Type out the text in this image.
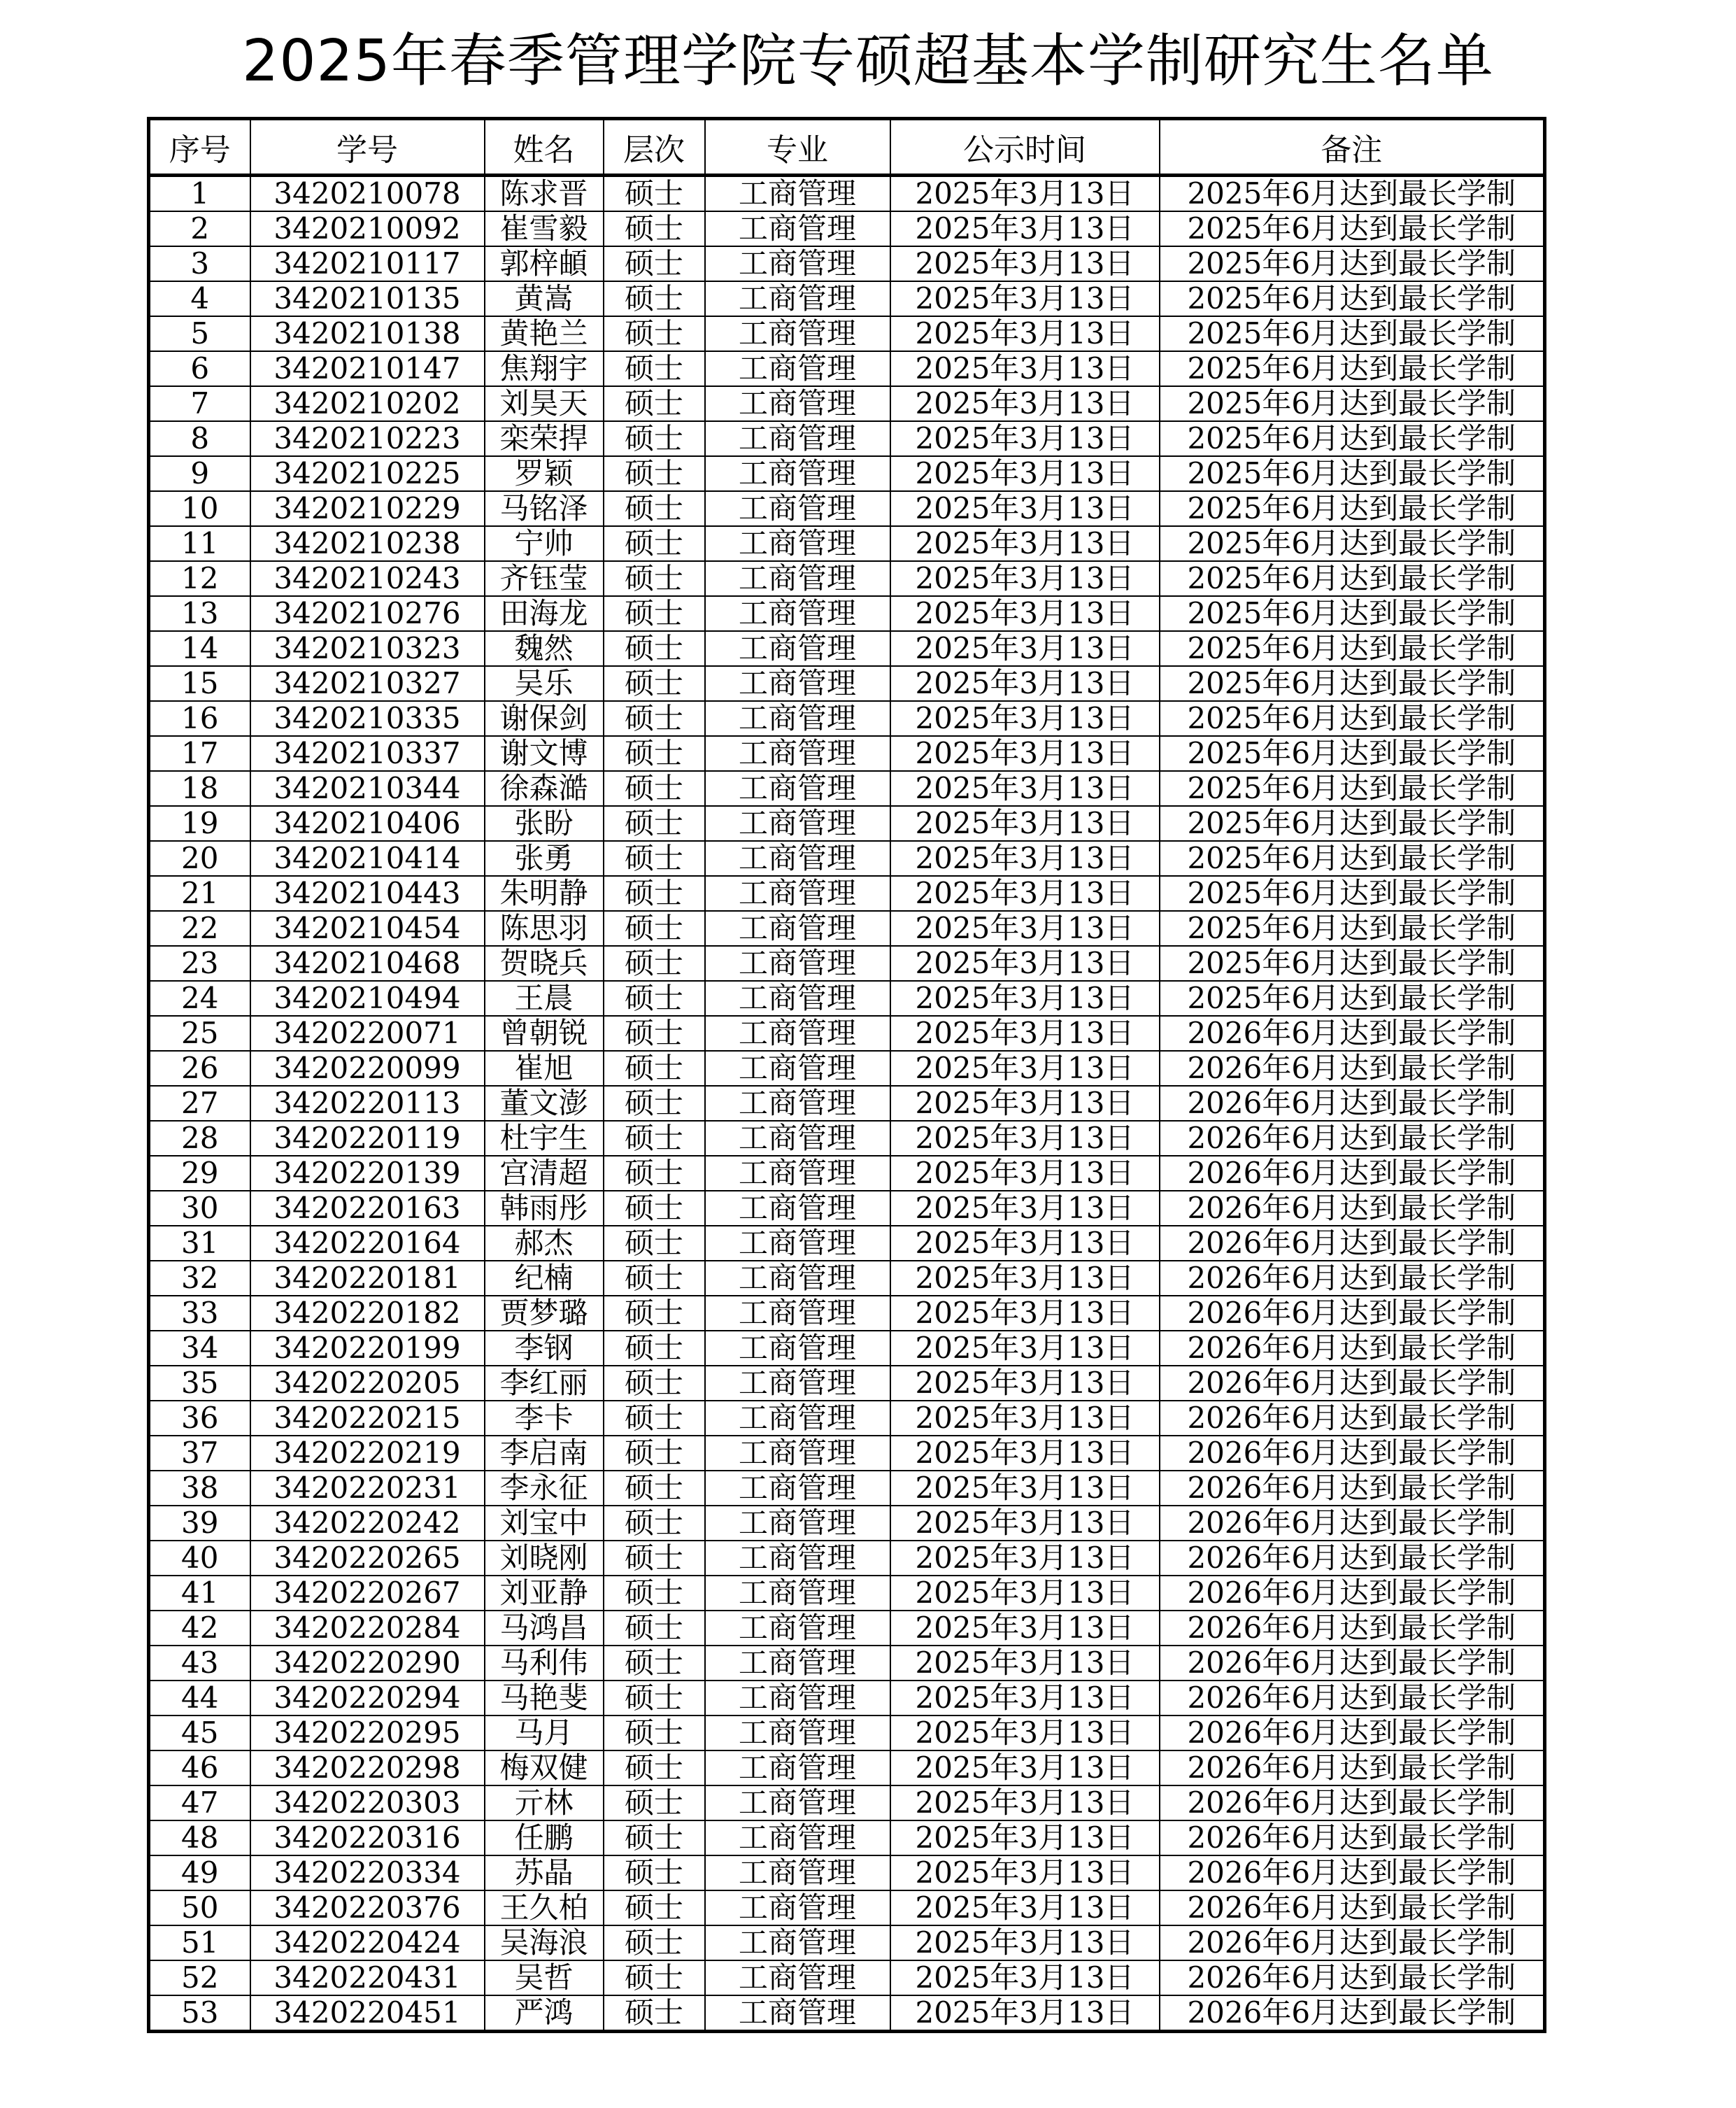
2025年春季管理学院专硕超基本学制研究生名单
序号	学号	姓名	层次	专业	公示时间	备注
1	3420210078	陈求晋	硕士	工商管理	2025年3月13日	2025年6月达到最长学制
2	3420210092	崔雪毅	硕士	工商管理	2025年3月13日	2025年6月达到最长学制
3	3420210117	郭梓頔	硕士	工商管理	2025年3月13日	2025年6月达到最长学制
4	3420210135	黄嵩	硕士	工商管理	2025年3月13日	2025年6月达到最长学制
5	3420210138	黄艳兰	硕士	工商管理	2025年3月13日	2025年6月达到最长学制
6	3420210147	焦翔宇	硕士	工商管理	2025年3月13日	2025年6月达到最长学制
7	3420210202	刘昊天	硕士	工商管理	2025年3月13日	2025年6月达到最长学制
8	3420210223	栾荣捍	硕士	工商管理	2025年3月13日	2025年6月达到最长学制
9	3420210225	罗颖	硕士	工商管理	2025年3月13日	2025年6月达到最长学制
10	3420210229	马铭泽	硕士	工商管理	2025年3月13日	2025年6月达到最长学制
11	3420210238	宁帅	硕士	工商管理	2025年3月13日	2025年6月达到最长学制
12	3420210243	齐钰莹	硕士	工商管理	2025年3月13日	2025年6月达到最长学制
13	3420210276	田海龙	硕士	工商管理	2025年3月13日	2025年6月达到最长学制
14	3420210323	魏然	硕士	工商管理	2025年3月13日	2025年6月达到最长学制
15	3420210327	吴乐	硕士	工商管理	2025年3月13日	2025年6月达到最长学制
16	3420210335	谢保剑	硕士	工商管理	2025年3月13日	2025年6月达到最长学制
17	3420210337	谢文博	硕士	工商管理	2025年3月13日	2025年6月达到最长学制
18	3420210344	徐森澔	硕士	工商管理	2025年3月13日	2025年6月达到最长学制
19	3420210406	张盼	硕士	工商管理	2025年3月13日	2025年6月达到最长学制
20	3420210414	张勇	硕士	工商管理	2025年3月13日	2025年6月达到最长学制
21	3420210443	朱明静	硕士	工商管理	2025年3月13日	2025年6月达到最长学制
22	3420210454	陈思羽	硕士	工商管理	2025年3月13日	2025年6月达到最长学制
23	3420210468	贺晓兵	硕士	工商管理	2025年3月13日	2025年6月达到最长学制
24	3420210494	王晨	硕士	工商管理	2025年3月13日	2025年6月达到最长学制
25	3420220071	曾朝锐	硕士	工商管理	2025年3月13日	2026年6月达到最长学制
26	3420220099	崔旭	硕士	工商管理	2025年3月13日	2026年6月达到最长学制
27	3420220113	董文澎	硕士	工商管理	2025年3月13日	2026年6月达到最长学制
28	3420220119	杜宇生	硕士	工商管理	2025年3月13日	2026年6月达到最长学制
29	3420220139	宫清超	硕士	工商管理	2025年3月13日	2026年6月达到最长学制
30	3420220163	韩雨彤	硕士	工商管理	2025年3月13日	2026年6月达到最长学制
31	3420220164	郝杰	硕士	工商管理	2025年3月13日	2026年6月达到最长学制
32	3420220181	纪楠	硕士	工商管理	2025年3月13日	2026年6月达到最长学制
33	3420220182	贾梦璐	硕士	工商管理	2025年3月13日	2026年6月达到最长学制
34	3420220199	李钢	硕士	工商管理	2025年3月13日	2026年6月达到最长学制
35	3420220205	李红丽	硕士	工商管理	2025年3月13日	2026年6月达到最长学制
36	3420220215	李卡	硕士	工商管理	2025年3月13日	2026年6月达到最长学制
37	3420220219	李启南	硕士	工商管理	2025年3月13日	2026年6月达到最长学制
38	3420220231	李永征	硕士	工商管理	2025年3月13日	2026年6月达到最长学制
39	3420220242	刘宝中	硕士	工商管理	2025年3月13日	2026年6月达到最长学制
40	3420220265	刘晓刚	硕士	工商管理	2025年3月13日	2026年6月达到最长学制
41	3420220267	刘亚静	硕士	工商管理	2025年3月13日	2026年6月达到最长学制
42	3420220284	马鸿昌	硕士	工商管理	2025年3月13日	2026年6月达到最长学制
43	3420220290	马利伟	硕士	工商管理	2025年3月13日	2026年6月达到最长学制
44	3420220294	马艳斐	硕士	工商管理	2025年3月13日	2026年6月达到最长学制
45	3420220295	马月	硕士	工商管理	2025年3月13日	2026年6月达到最长学制
46	3420220298	梅双健	硕士	工商管理	2025年3月13日	2026年6月达到最长学制
47	3420220303	亓林	硕士	工商管理	2025年3月13日	2026年6月达到最长学制
48	3420220316	任鹏	硕士	工商管理	2025年3月13日	2026年6月达到最长学制
49	3420220334	苏晶	硕士	工商管理	2025年3月13日	2026年6月达到最长学制
50	3420220376	王久柏	硕士	工商管理	2025年3月13日	2026年6月达到最长学制
51	3420220424	吴海浪	硕士	工商管理	2025年3月13日	2026年6月达到最长学制
52	3420220431	吴哲	硕士	工商管理	2025年3月13日	2026年6月达到最长学制
53	3420220451	严鸿	硕士	工商管理	2025年3月13日	2026年6月达到最长学制
